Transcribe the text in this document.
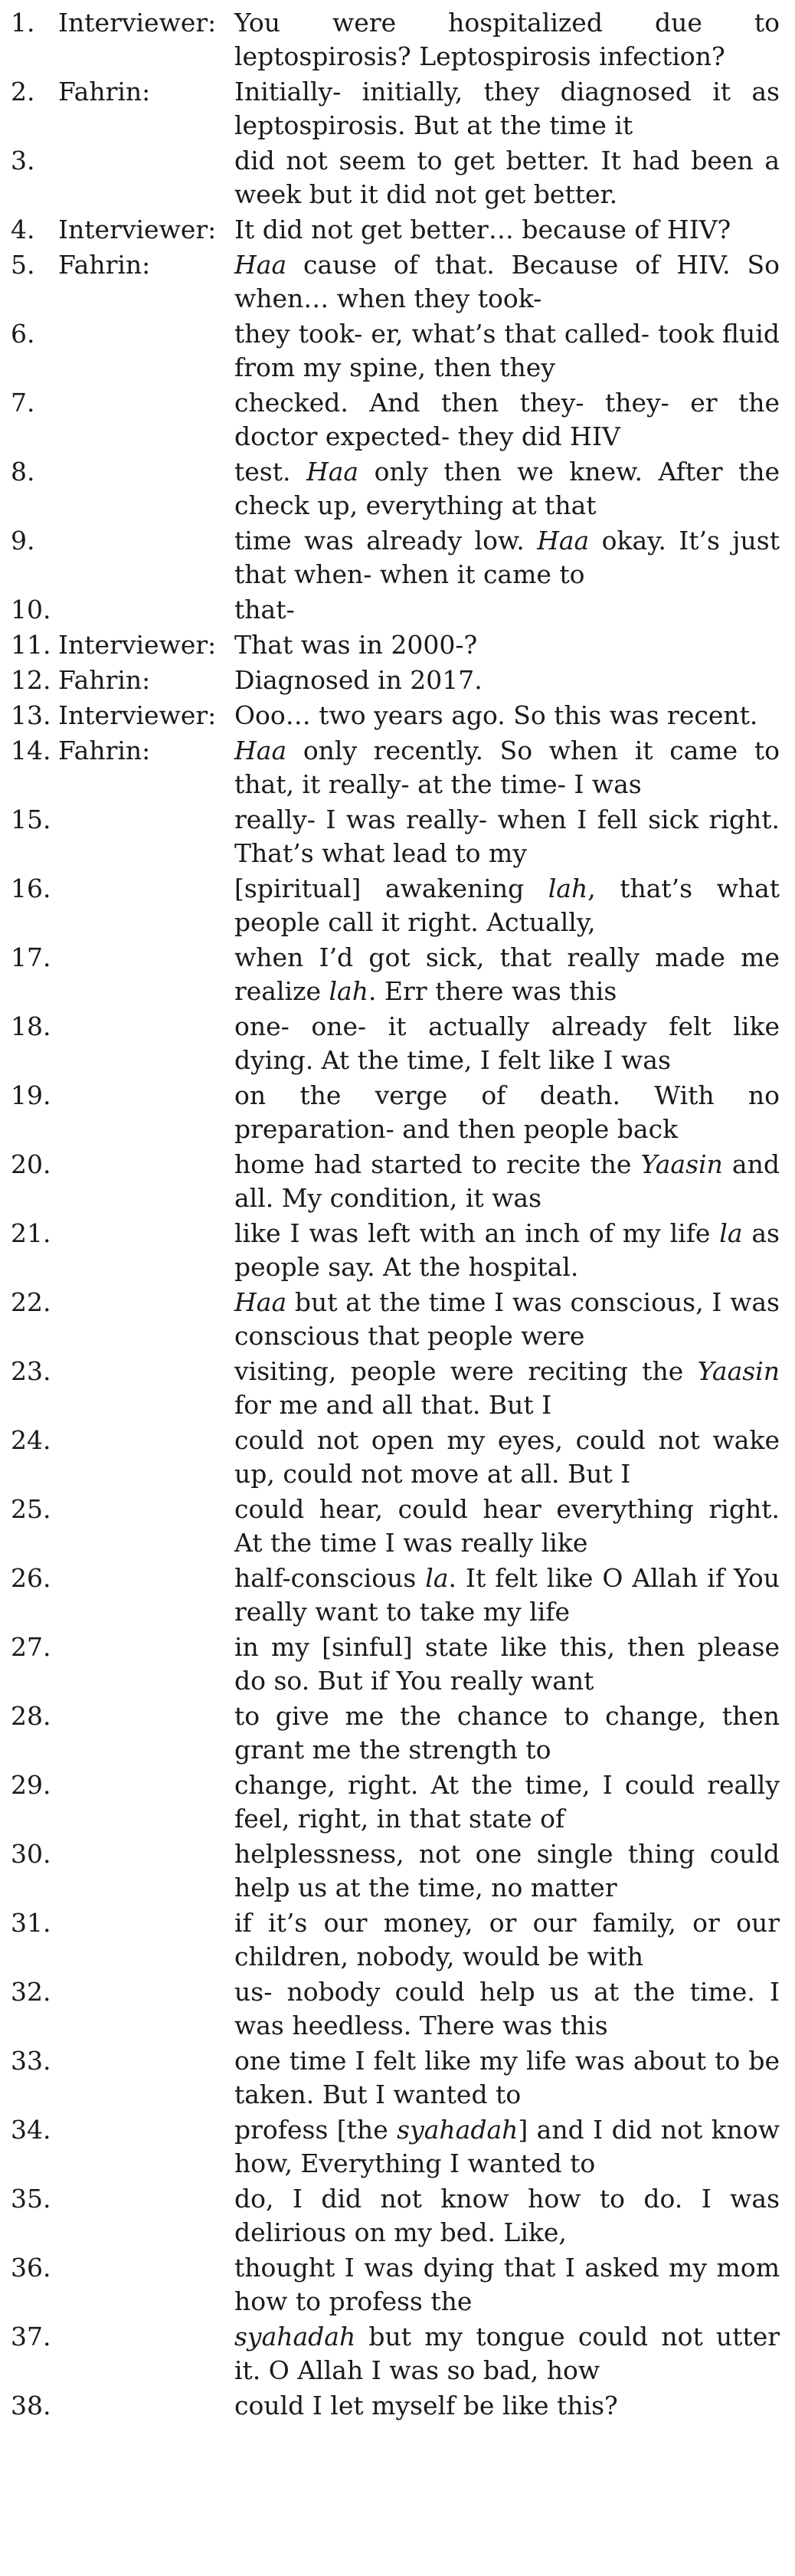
1. Interviewer: You were hospitalized due to leptospirosis? Leptospirosis infection?
2. Fahrin:	Initially- initially, they diagnosed it as leptospirosis. But at the time it
3.	did not seem to get better. It had been a week but it did not get better.
4. Interviewer: It did not get better… because of HIV?
5. Fahrin:	Haa cause of that. Because of HIV. So when… when they took-
6.	they took- er, what’s that called- took fluid from my spine, then they
7.	checked. And then they- they- er the doctor expected- they did HIV
8.	test. Haa only then we knew. After the check up, everything at that
9.	time was already low. Haa okay. It’s just that when- when it came to
10.	that-
11. Interviewer: That was in 2000-?
12. Fahrin:	Diagnosed in 2017.
13. Interviewer: Ooo… two years ago. So this was recent.
14. Fahrin:	Haa only recently. So when it came to that, it really- at the time- I was
15.	really- I was really- when I fell sick right. That’s what lead to my
16.	[spiritual] awakening lah, that’s what people call it right. Actually,
17.	when I’d got sick, that really made me realize lah. Err there was this
18.	one- one- it actually already felt like dying. At the time, I felt like I was
19.	on the verge of death. With no preparation- and then people back
20.	home had started to recite the Yaasin and all. My condition, it was
21.	like I was left with an inch of my life la as people say. At the hospital.
22.	Haa but at the time I was conscious, I was conscious that people were
23.	visiting, people were reciting the Yaasin for me and all that. But I
24.	could not open my eyes, could not wake up, could not move at all. But I
25.	could hear, could hear everything right. At the time I was really like
26.	half-conscious la. It felt like O Allah if You really want to take my life
27.	in my [sinful] state like this, then please do so. But if You really want
28.	to give me the chance to change, then grant me the strength to
29.	change, right. At the time, I could really feel, right, in that state of
30.	helplessness, not one single thing could help us at the time, no matter
31.	if it’s our money, or our family, or our children, nobody, would be with
32.	us- nobody could help us at the time. I was heedless. There was this
33.	one time I felt like my life was about to be taken. But I wanted to
34.	profess [the syahadah] and I did not know how, Everything I wanted to
35.	do, I did not know how to do. I was delirious on my bed. Like,
36.	thought I was dying that I asked my mom how to profess the
37.	syahadah but my tongue could not utter it. O Allah I was so bad, how
38.	could I let myself be like this?
